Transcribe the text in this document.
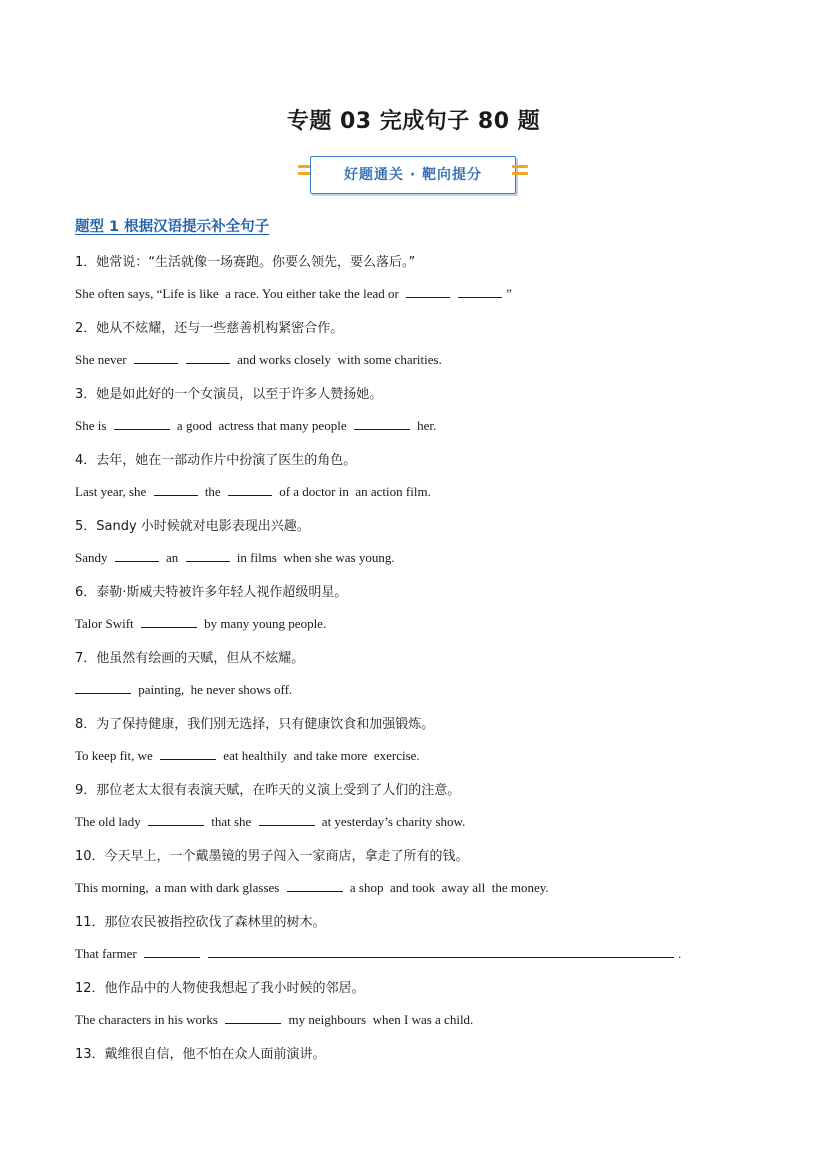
专题 03 完成句子 80 题
好题通关 · 靶向提分
题型 1 根据汉语提示补全句子
1．她常说：“生活就像一场赛跑。你要么领先，要么落后。”
She often says, “Life is like  a race. You either take the lead or	”
2．她从不炫耀，还与一些慈善机构紧密合作。
She never	and works closely  with some charities.
3．她是如此好的一个女演员，以至于许多人赞扬她。
She is	a good  actress that many people	her.
4．去年，她在一部动作片中扮演了医生的角色。
Last year, she	the	of a doctor in  an action film.
5．Sandy 小时候就对电影表现出兴趣。
Sandy	an	in films  when she was young.
6．泰勒·斯威夫特被许多年轻人视作超级明星。
Talor Swift	by many young people.
7．他虽然有绘画的天赋，但从不炫耀。
painting,  he never shows off.
8．为了保持健康，我们别无选择，只有健康饮食和加强锻炼。
To keep fit, we	eat healthily  and take more  exercise.
9．那位老太太很有表演天赋，在昨天的义演上受到了人们的注意。
The old lady	that she	at yesterday’s charity show.
10．今天早上，一个戴墨镜的男子闯入一家商店，拿走了所有的钱。
This morning,  a man with dark glasses	a shop  and took  away all  the money.
11．那位农民被指控砍伐了森林里的树木。
That farmer	.
12．他作品中的人物使我想起了我小时候的邻居。
The characters in his works	my neighbours  when I was a child.
13．戴维很自信，他不怕在众人面前演讲。
